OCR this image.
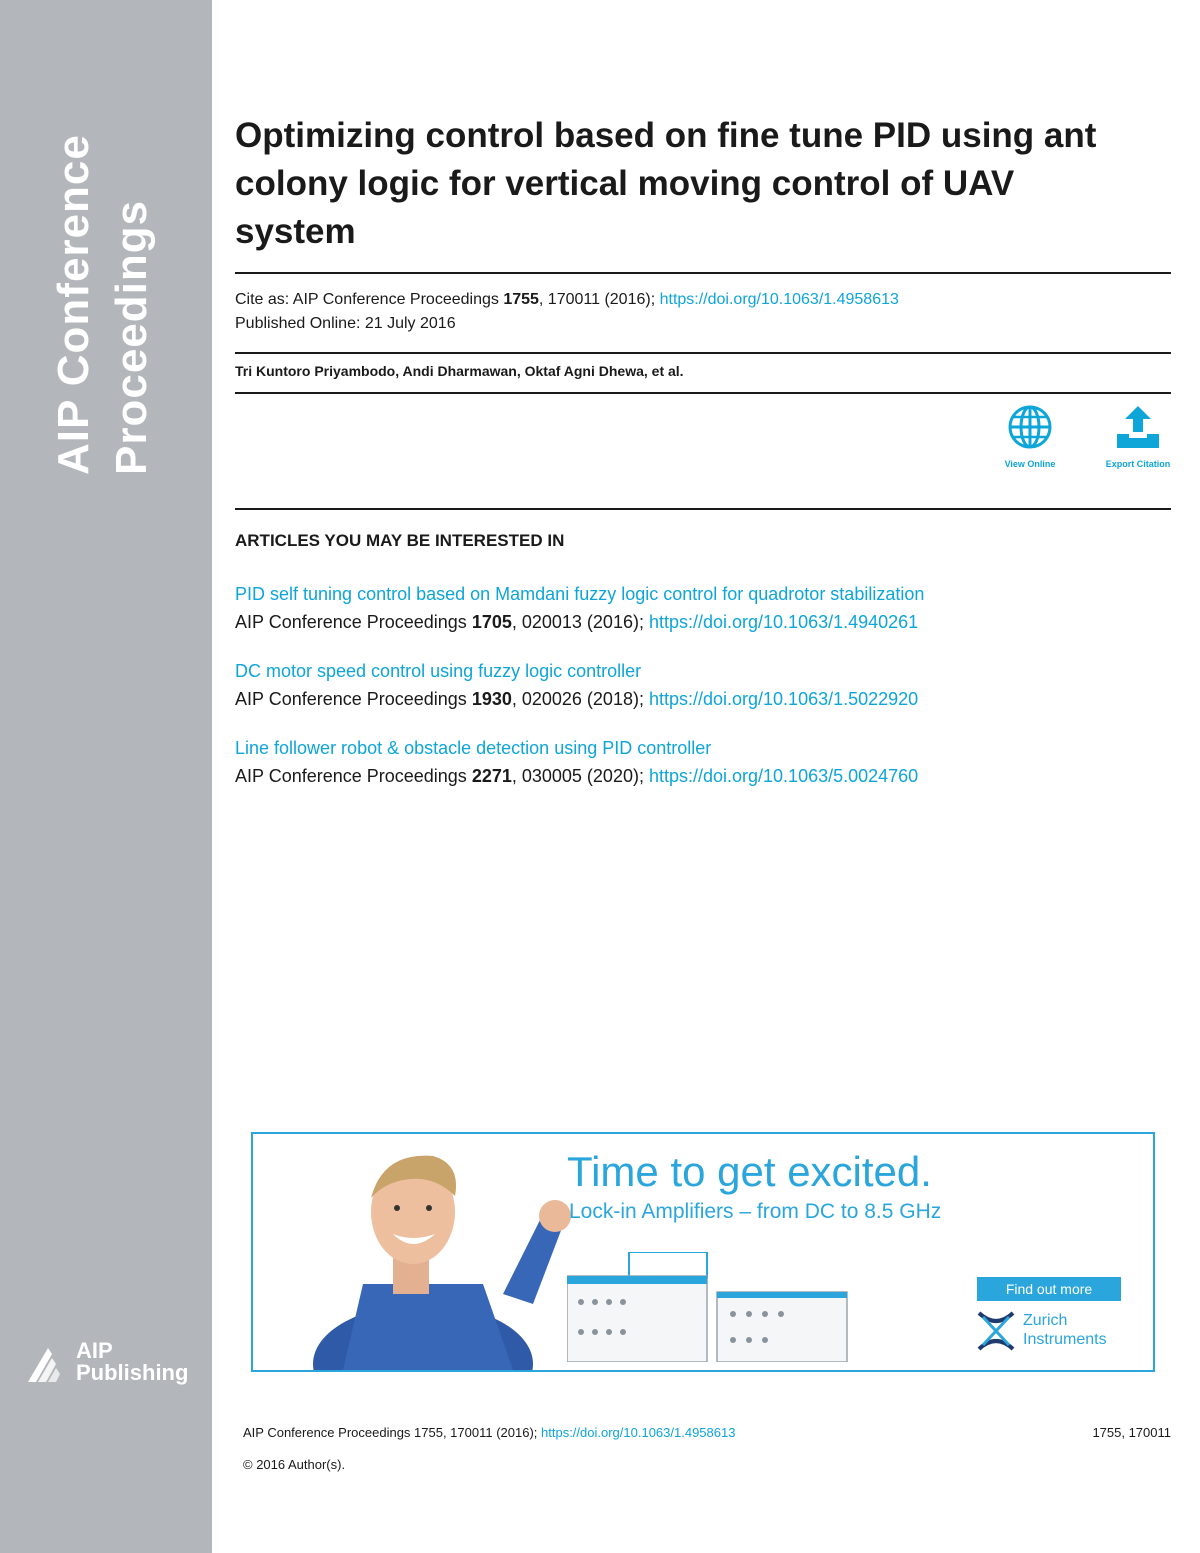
AIP Conference Proceedings
AIP
Publishing
Optimizing control based on fine tune PID using ant colony logic for vertical moving control of UAV system
Cite as: AIP Conference Proceedings 1755, 170011 (2016); https://doi.org/10.1063/1.4958613
Published Online: 21 July 2016
Tri Kuntoro Priyambodo, Andi Dharmawan, Oktaf Agni Dhewa, et al.
View Online	Export Citation
ARTICLES YOU MAY BE INTERESTED IN
PID self tuning control based on Mamdani fuzzy logic control for quadrotor stabilization
AIP Conference Proceedings 1705, 020013 (2016); https://doi.org/10.1063/1.4940261
DC motor speed control using fuzzy logic controller
AIP Conference Proceedings 1930, 020026 (2018); https://doi.org/10.1063/1.5022920
Line follower robot & obstacle detection using PID controller
AIP Conference Proceedings 2271, 030005 (2020); https://doi.org/10.1063/5.0024760
Time to get excited.
Lock-in Amplifiers – from DC to 8.5 GHz
Find out more
Zurich
Instruments
AIP Conference Proceedings 1755, 170011 (2016); https://doi.org/10.1063/1.4958613	1755, 170011
© 2016 Author(s).
